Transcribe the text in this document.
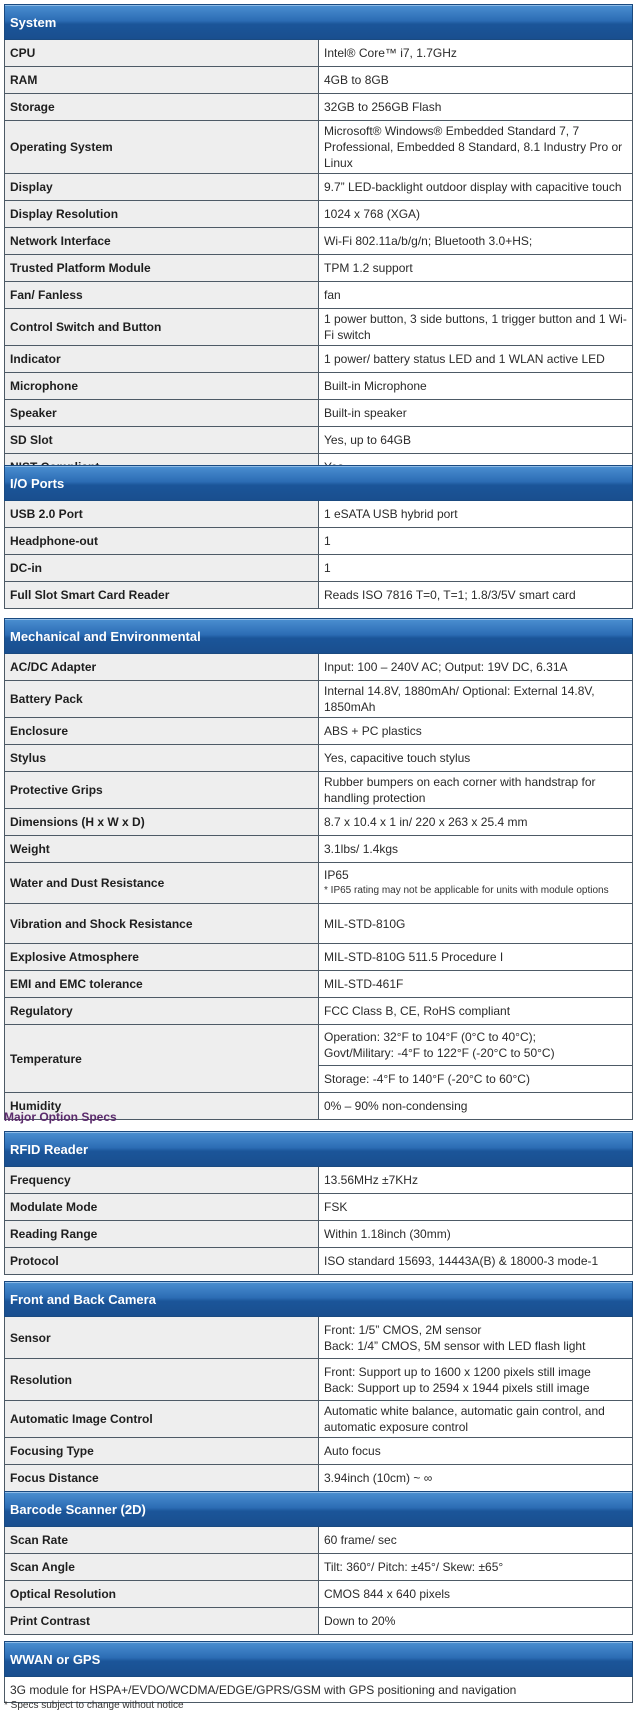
System	
CPU	Intel® Core™ i7, 1.7GHz
RAM	4GB to 8GB
Storage	32GB to 256GB Flash
Operating System	Microsoft® Windows® Embedded Standard 7, 7 Professional, Embedded 8 Standard, 8.1 Industry Pro or Linux
Display	9.7” LED-backlight outdoor display with capacitive touch
Display Resolution	1024 x 768 (XGA)
Network Interface	Wi-Fi 802.11a/b/g/n; Bluetooth 3.0+HS;
Trusted Platform Module	TPM 1.2 support
Fan/ Fanless	fan
Control Switch and Button	1 power button, 3 side buttons, 1 trigger button and 1 Wi-Fi switch
Indicator	1 power/ battery status LED and 1 WLAN active LED
Microphone	Built-in Microphone
Speaker	Built-in speaker
SD Slot	Yes, up to 64GB

I/O Ports	
USB 2.0 Port	1 eSATA USB hybrid port
Headphone-out	1
DC-in	1
Full Slot Smart Card Reader	Reads ISO 7816 T=0, T=1; 1.8/3/5V smart card
Mechanical and Environmental	
AC/DC Adapter	Input: 100 – 240V AC; Output: 19V DC, 6.31A
Battery Pack	Internal 14.8V, 1880mAh/ Optional: External 14.8V, 1850mAh
Enclosure	ABS + PC plastics
Stylus	Yes, capacitive touch stylus
Protective Grips	Rubber bumpers on each corner with handstrap for handling protection
Dimensions (H x W x D)	8.7 x 10.4 x 1 in/ 220 x 263 x 25.4 mm
Weight	3.1lbs/ 1.4kgs
Water and Dust Resistance	IP65
* IP65 rating may not be applicable for units with module options

Vibration and Shock Resistance	MIL-STD-810G
Explosive Atmosphere	MIL-STD-810G 511.5 Procedure I
EMI and EMC tolerance	MIL-STD-461F
Regulatory	FCC Class B, CE, RoHS compliant
Temperature	Operation: 32°F to 104°F (0°C to 40°C);
Govt/Military: -4°F to 122°F (-20°C to 50°C)

	Storage: -4°F to 140°F (-20°C to 60°C)
Humidity	0% – 90% non-condensing
Major Option Specs
RFID Reader	
Frequency	13.56MHz ±7KHz
Modulate Mode	FSK
Reading Range	Within 1.18inch (30mm)
Protocol	ISO standard 15693, 14443A(B) & 18000-3 mode-1
Front and Back Camera	
Sensor	Front: 1/5” CMOS, 2M sensor
Back: 1/4” CMOS, 5M sensor with LED flash light

Resolution	Front: Support up to 1600 x 1200 pixels still image
Back: Support up to 2594 x 1944 pixels still image

Automatic Image Control	Automatic white balance, automatic gain control, and automatic exposure control
Focusing Type	Auto focus
Focus Distance	3.94inch (10cm) ~ ∞
Barcode Scanner (2D)	
Scan Rate	60 frame/ sec
Scan Angle	Tilt: 360°/ Pitch: ±45°/ Skew: ±65°
Optical Resolution	CMOS 844 x 640 pixels
Print Contrast	Down to 20%
WWAN or GPS
3G module for HSPA+/EVDO/WCDMA/EDGE/GPRS/GSM with GPS positioning and navigation
* Specs subject to change without notice
